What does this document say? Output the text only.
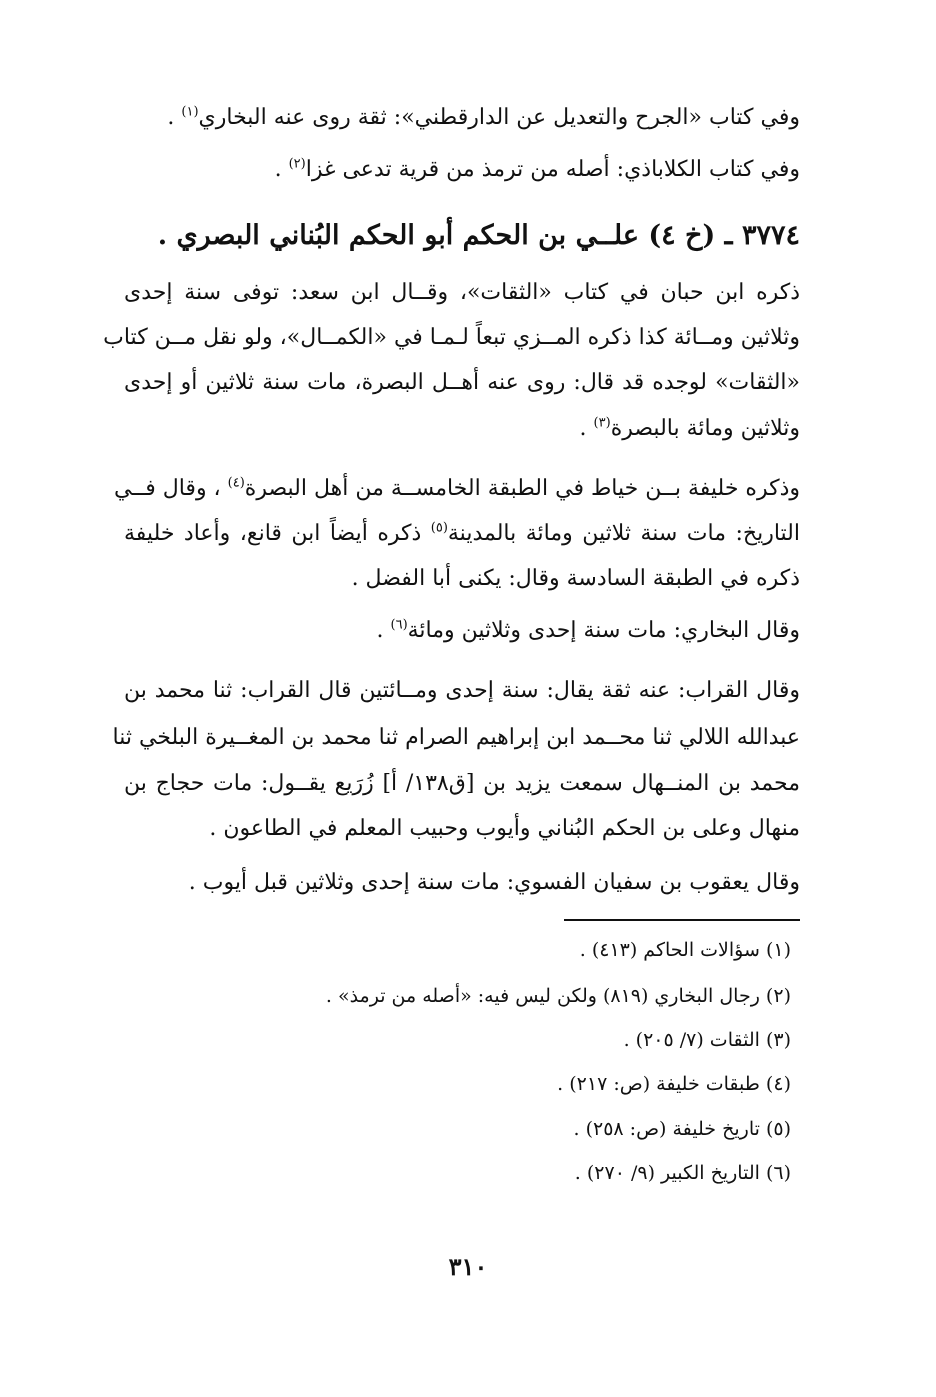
وفي كتاب «الجرح والتعديل عن الدارقطني»: ثقة روى عنه البخاري$^{(١)}$ .
وفي كتاب الكلاباذي: أصله من ترمذ من قرية تدعى غزا$^{(٢)}$ .
٣٧٧٤ ـ (خ ٤) علــي بن الحكم أبو الحكم البُناني البصري .
ذكره ابن حبان في كتاب «الثقات»، وقــال ابن سعد: توفى سنة إحدى
وثلاثين ومــائة كذا ذكره المــزي تبعاً لـمـا في «الكمــال»، ولو نقل مــن كتاب
«الثقات» لوجده قد قال: روى عنه أهــل البصرة، مات سنة ثلاثين أو إحدى
وثلاثين ومائة بالبصرة$^{(٣)}$ .
وذكره خليفة بــن خياط في الطبقة الخامســة من أهل البصرة$^{(٤)}$ ، وقال فــي
التاريخ: مات سنة ثلاثين ومائة بالمدينة$^{(٥)}$ ذكره أيضاً ابن قانع، وأعاد خليفة
ذكره في الطبقة السادسة وقال: يكنى أبا الفضل .
وقال البخاري: مات سنة إحدى وثلاثين ومائة$^{(٦)}$ .
وقال القراب: عنه ثقة يقال: سنة إحدى ومــائتين قال القراب: ثنا محمد بن
عبدالله اللالي ثنا محــمد ابن إبراهيم الصرام ثنا محمد بن المغــيرة البلخي ثنا
محمد بن المنــهال سمعت يزيد بن [ق١٣٨/ أ] زُرَيع يقــول: مات حجاج بن
منهال وعلى بن الحكم البُناني وأيوب وحبيب المعلم في الطاعون .
وقال يعقوب بن سفيان الفسوي: مات سنة إحدى وثلاثين قبل أيوب .
(١) سؤالات الحاكم (٤١٣) .
(٢) رجال البخاري (٨١٩) ولكن ليس فيه: «أصله من ترمذ» .
(٣) الثقات (٧/ ٢٠٥) .
(٤) طبقات خليفة (ص: ٢١٧) .
(٥) تاريخ خليفة (ص: ٢٥٨) .
(٦) التاريخ الكبير (٩/ ٢٧٠) .
٣١٠
